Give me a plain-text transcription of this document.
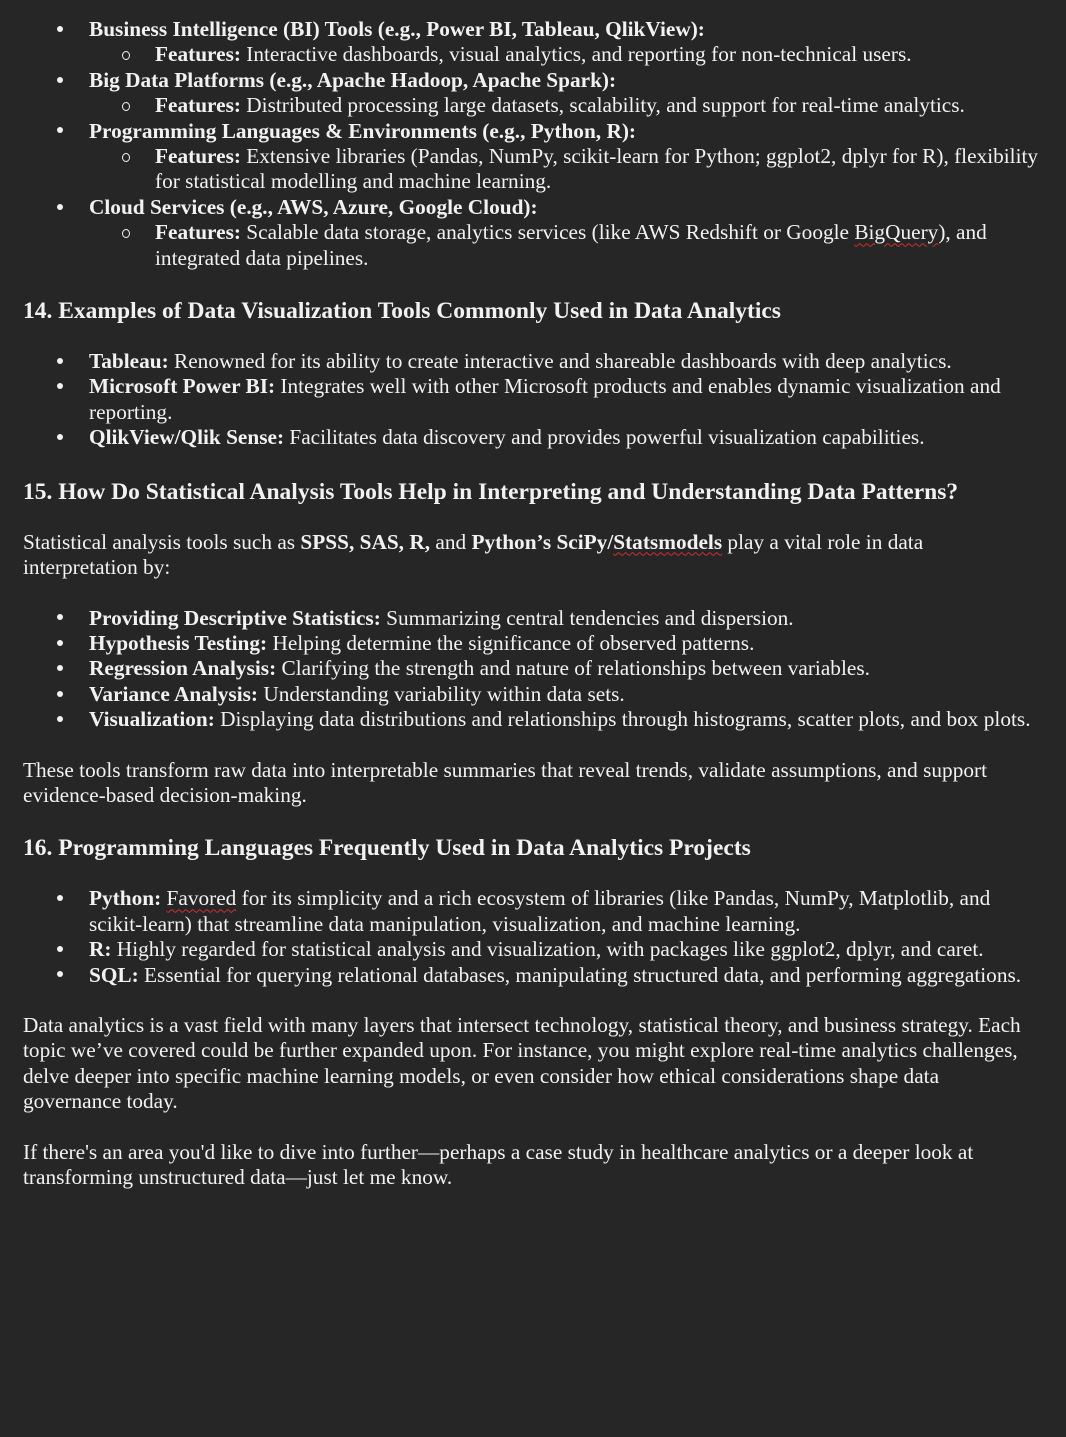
Business Intelligence (BI) Tools (e.g., Power BI, Tableau, QlikView):
Features: Interactive dashboards, visual analytics, and reporting for non-technical users.
Big Data Platforms (e.g., Apache Hadoop, Apache Spark):
Features: Distributed processing large datasets, scalability, and support for real-time analytics.
Programming Languages & Environments (e.g., Python, R):
Features: Extensive libraries (Pandas, NumPy, scikit-learn for Python; ggplot2, dplyr for R), flexibility for statistical modelling and machine learning.
Cloud Services (e.g., AWS, Azure, Google Cloud):
Features: Scalable data storage, analytics services (like AWS Redshift or Google BigQuery), and integrated data pipelines.
14. Examples of Data Visualization Tools Commonly Used in Data Analytics
Tableau: Renowned for its ability to create interactive and shareable dashboards with deep analytics.
Microsoft Power BI: Integrates well with other Microsoft products and enables dynamic visualization and reporting.
QlikView/Qlik Sense: Facilitates data discovery and provides powerful visualization capabilities.
15. How Do Statistical Analysis Tools Help in Interpreting and Understanding Data Patterns?

Statistical analysis tools such as SPSS, SAS, R, and Python’s SciPy/Statsmodels play a vital role in data interpretation by:

Providing Descriptive Statistics: Summarizing central tendencies and dispersion.
Hypothesis Testing: Helping determine the significance of observed patterns.
Regression Analysis: Clarifying the strength and nature of relationships between variables.
Variance Analysis: Understanding variability within data sets.
Visualization: Displaying data distributions and relationships through histograms, scatter plots, and box plots.

These tools transform raw data into interpretable summaries that reveal trends, validate assumptions, and support evidence-based decision-making.

16. Programming Languages Frequently Used in Data Analytics Projects
Python: Favored for its simplicity and a rich ecosystem of libraries (like Pandas, NumPy, Matplotlib, and scikit-learn) that streamline data manipulation, visualization, and machine learning.
R: Highly regarded for statistical analysis and visualization, with packages like ggplot2, dplyr, and caret.
SQL: Essential for querying relational databases, manipulating structured data, and performing aggregations.

Data analytics is a vast field with many layers that intersect technology, statistical theory, and business strategy. Each topic we’ve covered could be further expanded upon. For instance, you might explore real-time analytics challenges, delve deeper into specific machine learning models, or even consider how ethical considerations shape data governance today.

If there's an area you'd like to dive into further—perhaps a case study in healthcare analytics or a deeper look at transforming unstructured data—just let me know.
